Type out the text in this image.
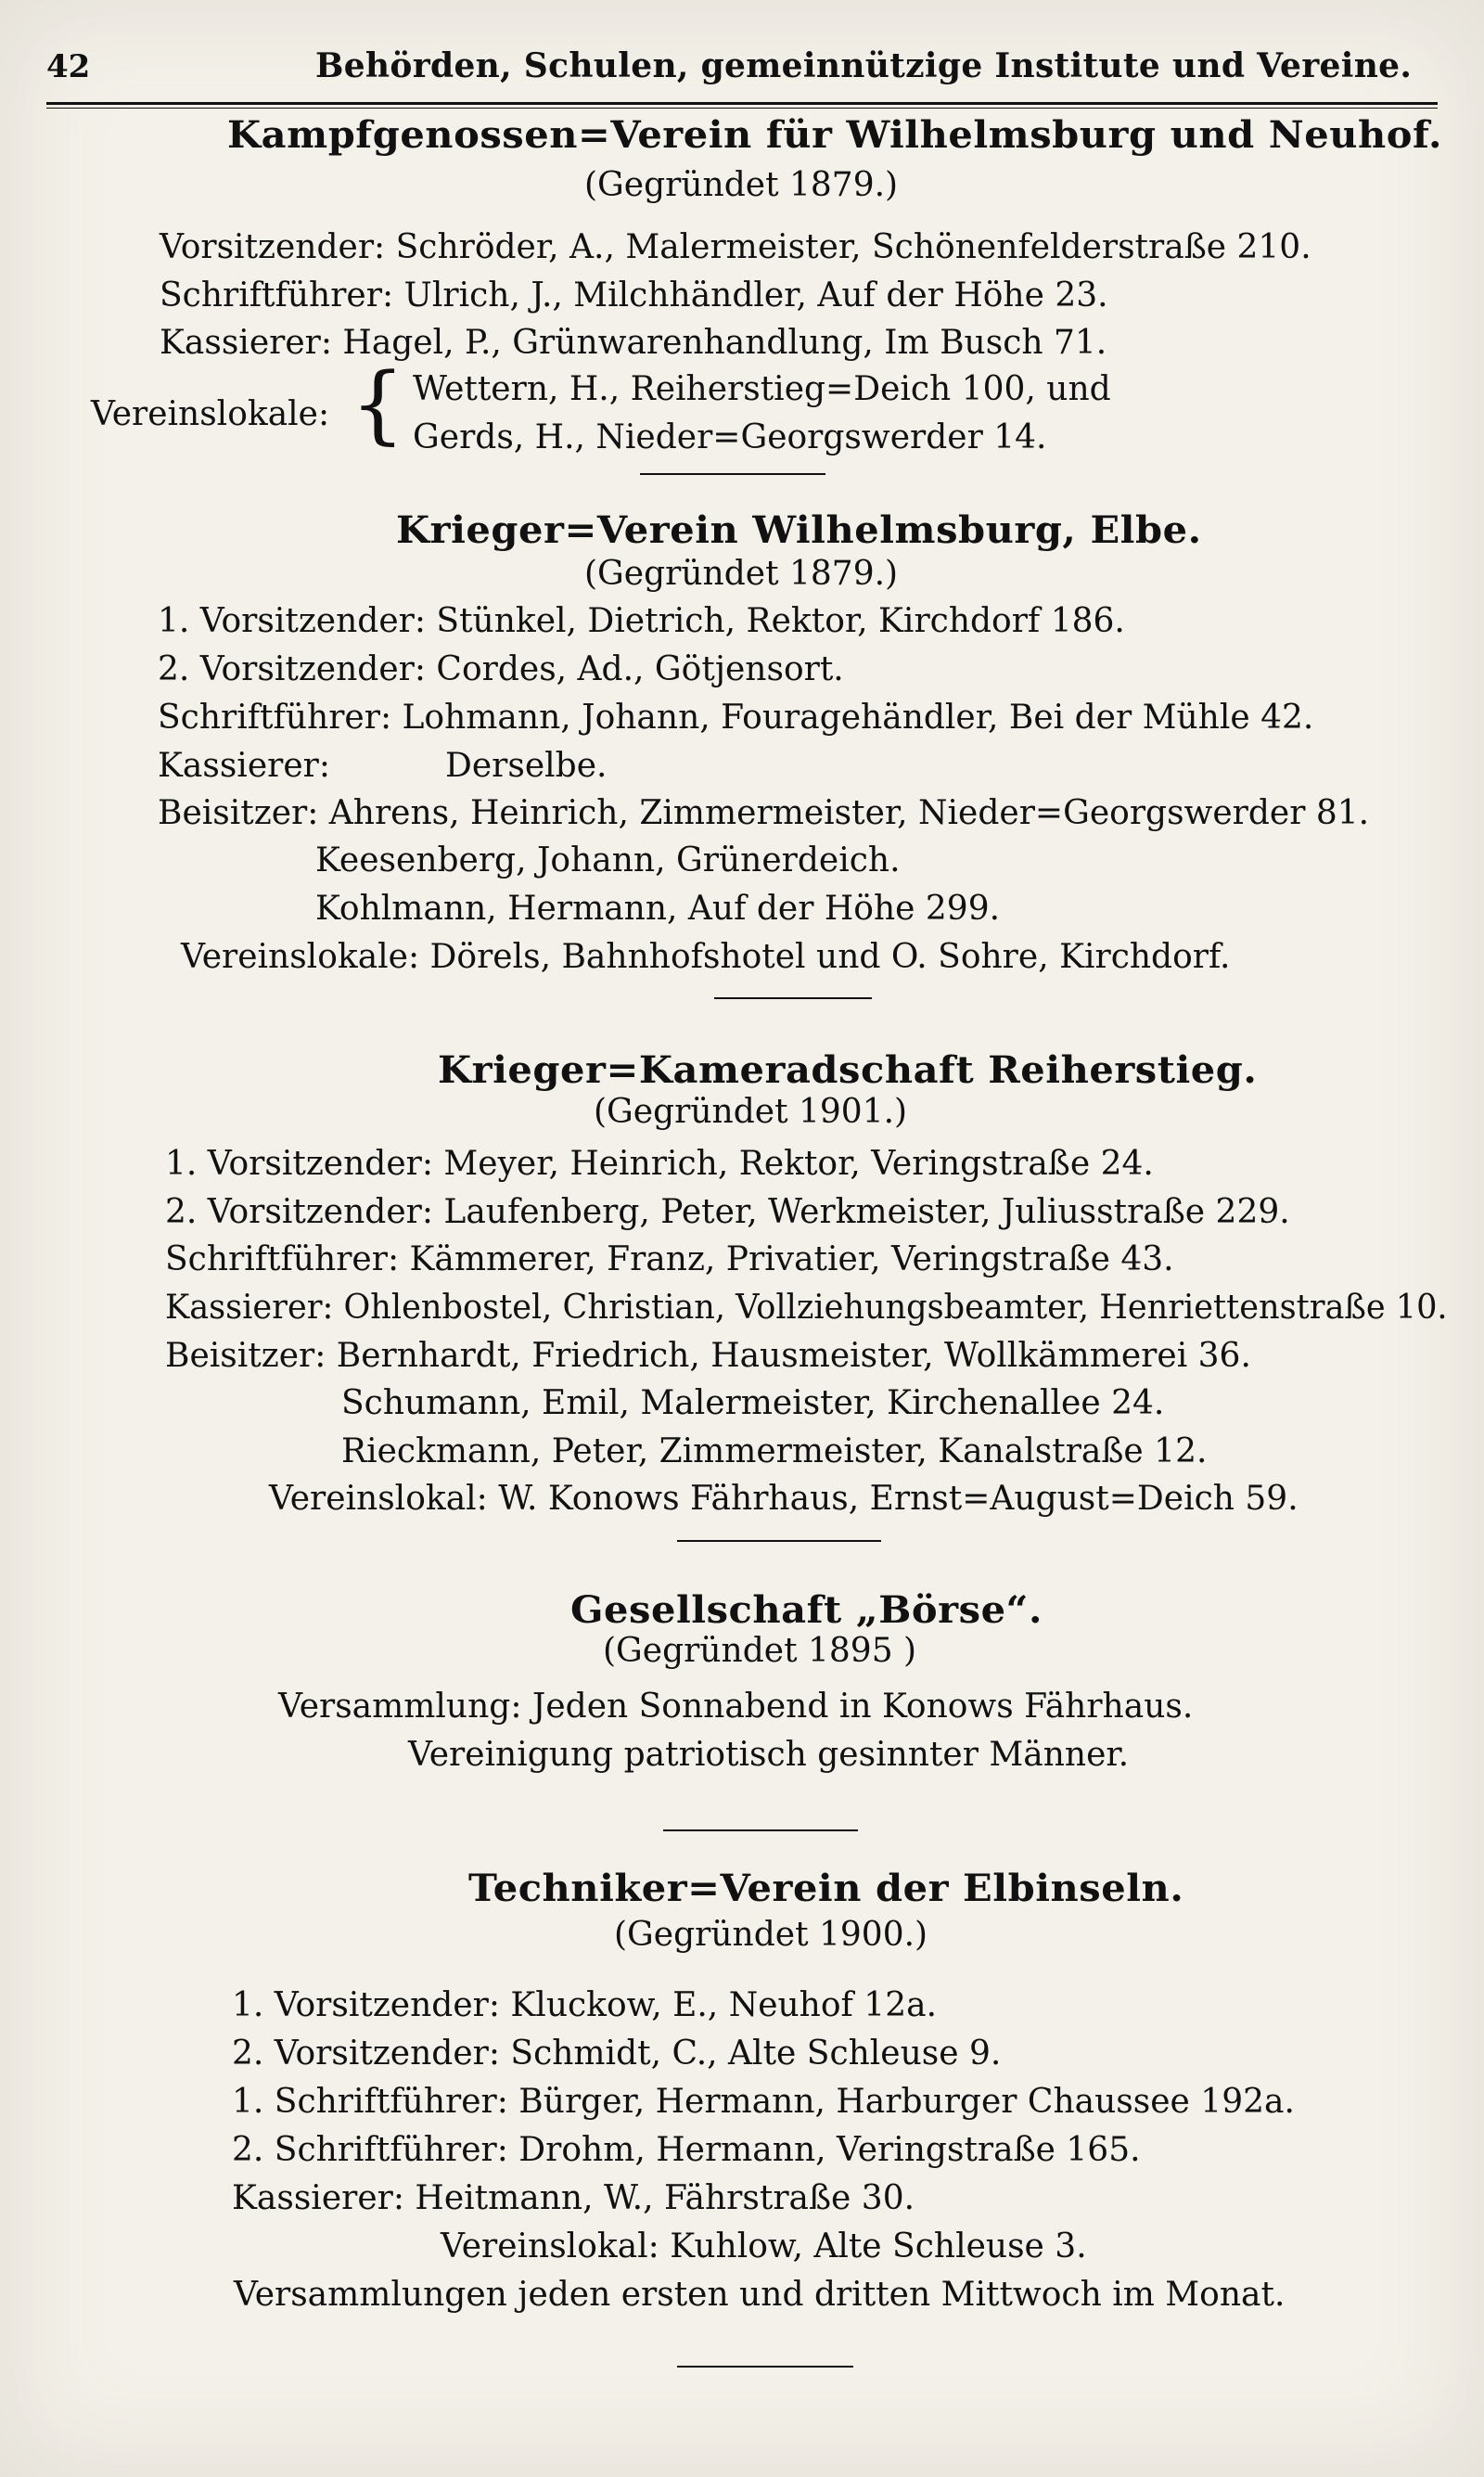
42	Behörden, Schulen, gemeinnützige Institute und Vereine.
Kampfgenossen=Verein für Wilhelmsburg und Neuhof.
(Gegründet 1879.)
Vorsitzender: Schröder, A., Malermeister, Schönenfelderstraße 210.
Schriftführer: Ulrich, J., Milchhändler, Auf der Höhe 23.
Kassierer: Hagel, P., Grünwarenhandlung, Im Busch 71.
Vereinslokale: { Wettern, H., Reiherstieg=Deich 100, und
Gerds, H., Nieder=Georgswerder 14.
Krieger=Verein Wilhelmsburg, Elbe.
(Gegründet 1879.)
1. Vorsitzender: Stünkel, Dietrich, Rektor, Kirchdorf 186.
2. Vorsitzender: Cordes, Ad., Götjensort.
Schriftführer: Lohmann, Johann, Fouragehändler, Bei der Mühle 42.
Kassierer:	Derselbe.
Beisitzer: Ahrens, Heinrich, Zimmermeister, Nieder=Georgswerder 81.
Keesenberg, Johann, Grünerdeich.
Kohlmann, Hermann, Auf der Höhe 299.
Vereinslokale: Dörels, Bahnhofshotel und O. Sohre, Kirchdorf.
Krieger=Kameradschaft Reiherstieg.
(Gegründet 1901.)
1. Vorsitzender: Meyer, Heinrich, Rektor, Veringstraße 24.
2. Vorsitzender: Laufenberg, Peter, Werkmeister, Juliusstraße 229.
Schriftführer: Kämmerer, Franz, Privatier, Veringstraße 43.
Kassierer: Ohlenbostel, Christian, Vollziehungsbeamter, Henriettenstraße 10.
Beisitzer: Bernhardt, Friedrich, Hausmeister, Wollkämmerei 36.
Schumann, Emil, Malermeister, Kirchenallee 24.
Rieckmann, Peter, Zimmermeister, Kanalstraße 12.
Vereinslokal: W. Konows Fährhaus, Ernst=August=Deich 59.
Gesellschaft „Börse“.
(Gegründet 1895 )
Versammlung: Jeden Sonnabend in Konows Fährhaus.
Vereinigung patriotisch gesinnter Männer.
Techniker=Verein der Elbinseln.
(Gegründet 1900.)
1. Vorsitzender: Kluckow, E., Neuhof 12a.
2. Vorsitzender: Schmidt, C., Alte Schleuse 9.
1. Schriftführer: Bürger, Hermann, Harburger Chaussee 192a.
2. Schriftführer: Drohm, Hermann, Veringstraße 165.
Kassierer: Heitmann, W., Fährstraße 30.
Vereinslokal: Kuhlow, Alte Schleuse 3.
Versammlungen jeden ersten und dritten Mittwoch im Monat.
